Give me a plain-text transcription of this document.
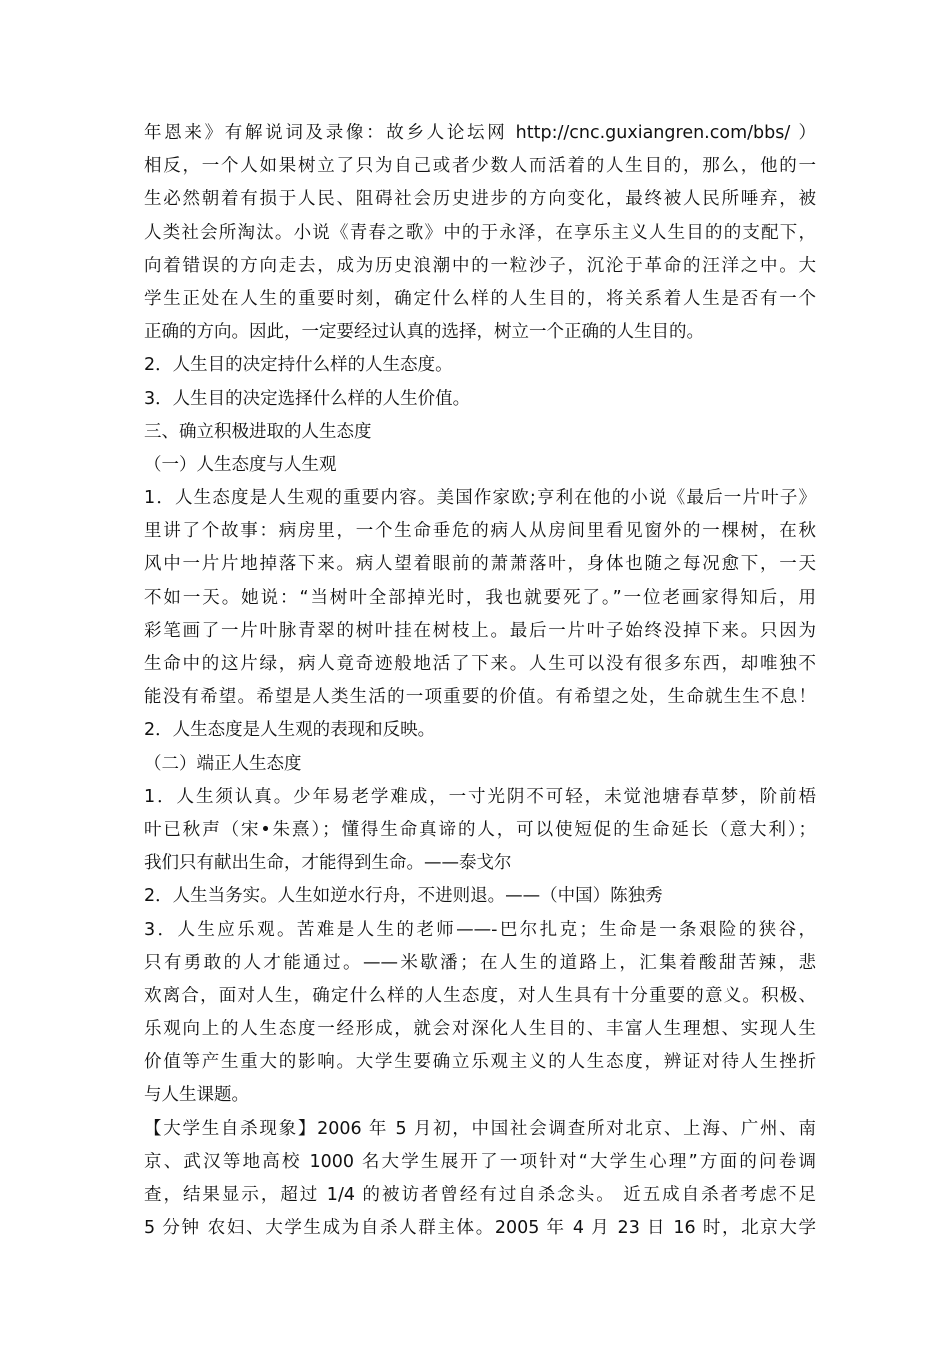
年恩来》有解说词及录像：故乡人论坛网 http://cnc.guxiangren.com/bbs/ ）
相反，一个人如果树立了只为自己或者少数人而活着的人生目的，那么，他的一
生必然朝着有损于人民、阻碍社会历史进步的方向变化，最终被人民所唾弃，被
人类社会所淘汰。小说《青春之歌》中的于永泽，在享乐主义人生目的的支配下，
向着错误的方向走去，成为历史浪潮中的一粒沙子，沉沦于革命的汪洋之中。大
学生正处在人生的重要时刻，确定什么样的人生目的，将关系着人生是否有一个
正确的方向。因此，一定要经过认真的选择，树立一个正确的人生目的。
2．人生目的决定持什么样的人生态度。
3．人生目的决定选择什么样的人生价值。
三、确立积极进取的人生态度
（一）人生态度与人生观
1．人生态度是人生观的重要内容。美国作家欧;亨利在他的小说《最后一片叶子》
里讲了个故事：病房里，一个生命垂危的病人从房间里看见窗外的一棵树，在秋
风中一片片地掉落下来。病人望着眼前的萧萧落叶，身体也随之每况愈下，一天
不如一天。她说：“当树叶全部掉光时，我也就要死了。”一位老画家得知后，用
彩笔画了一片叶脉青翠的树叶挂在树枝上。最后一片叶子始终没掉下来。只因为
生命中的这片绿，病人竟奇迹般地活了下来。人生可以没有很多东西，却唯独不
能没有希望。希望是人类生活的一项重要的价值。有希望之处，生命就生生不息！
2．人生态度是人生观的表现和反映。
（二）端正人生态度
1．人生须认真。少年易老学难成，一寸光阴不可轻，未觉池塘春草梦，阶前梧
叶已秋声（宋•朱熹）；懂得生命真谛的人，可以使短促的生命延长（意大利）；
我们只有献出生命，才能得到生命。——泰戈尔
2．人生当务实。人生如逆水行舟，不进则退。——（中国）陈独秀
3．人生应乐观。苦难是人生的老师——-巴尔扎克；生命是一条艰险的狭谷，
只有勇敢的人才能通过。——米歇潘；在人生的道路上，汇集着酸甜苦辣，悲
欢离合，面对人生，确定什么样的人生态度，对人生具有十分重要的意义。积极、
乐观向上的人生态度一经形成，就会对深化人生目的、丰富人生理想、实现人生
价值等产生重大的影响。大学生要确立乐观主义的人生态度，辨证对待人生挫折
与人生课题。
【大学生自杀现象】2006 年 5 月初，中国社会调查所对北京、上海、广州、南
京、武汉等地高校 1000 名大学生展开了一项针对“大学生心理”方面的问卷调
查，结果显示，超过 1/4 的被访者曾经有过自杀念头。 近五成自杀者考虑不足
5 分钟 农妇、大学生成为自杀人群主体。2005 年 4 月 23 日 16 时，北京大学
